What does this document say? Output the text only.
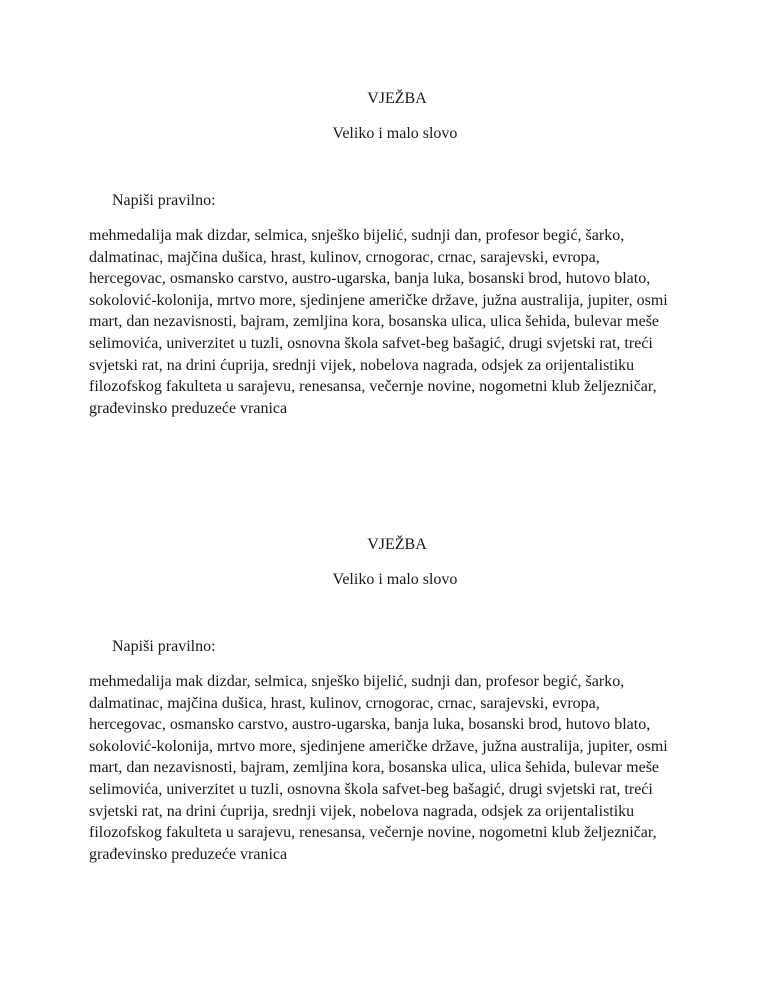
VJEŽBA

Veliko i malo slovo

Napiši pravilno:

mehmedalija mak dizdar, selmica, snješko bijelić, sudnji dan, profesor begić, šarko, dalmatinac, majčina dušica, hrast, kulinov, crnogorac, crnac, sarajevski, evropa, hercegovac, osmansko carstvo, austro-ugarska, banja luka, bosanski brod, hutovo blato, sokolović-kolonija, mrtvo more, sjedinjene američke države, južna australija, jupiter, osmi mart, dan nezavisnosti, bajram, zemljina kora, bosanska ulica, ulica šehida, bulevar meše selimovića, univerzitet u tuzli, osnovna škola safvet-beg bašagić, drugi svjetski rat, treći svjetski rat, na drini ćuprija, srednji vijek, nobelova nagrada, odsjek za orijentalistiku filozofskog fakulteta u sarajevu, renesansa, večernje novine, nogometni klub željezničar, građevinsko preduzeće vranica

VJEŽBA

Veliko i malo slovo

Napiši pravilno:

mehmedalija mak dizdar, selmica, snješko bijelić, sudnji dan, profesor begić, šarko, dalmatinac, majčina dušica, hrast, kulinov, crnogorac, crnac, sarajevski, evropa, hercegovac, osmansko carstvo, austro-ugarska, banja luka, bosanski brod, hutovo blato, sokolović-kolonija, mrtvo more, sjedinjene američke države, južna australija, jupiter, osmi mart, dan nezavisnosti, bajram, zemljina kora, bosanska ulica, ulica šehida, bulevar meše selimovića, univerzitet u tuzli, osnovna škola safvet-beg bašagić, drugi svjetski rat, treći svjetski rat, na drini ćuprija, srednji vijek, nobelova nagrada, odsjek za orijentalistiku filozofskog fakulteta u sarajevu, renesansa, večernje novine, nogometni klub željezničar, građevinsko preduzeće vranica
